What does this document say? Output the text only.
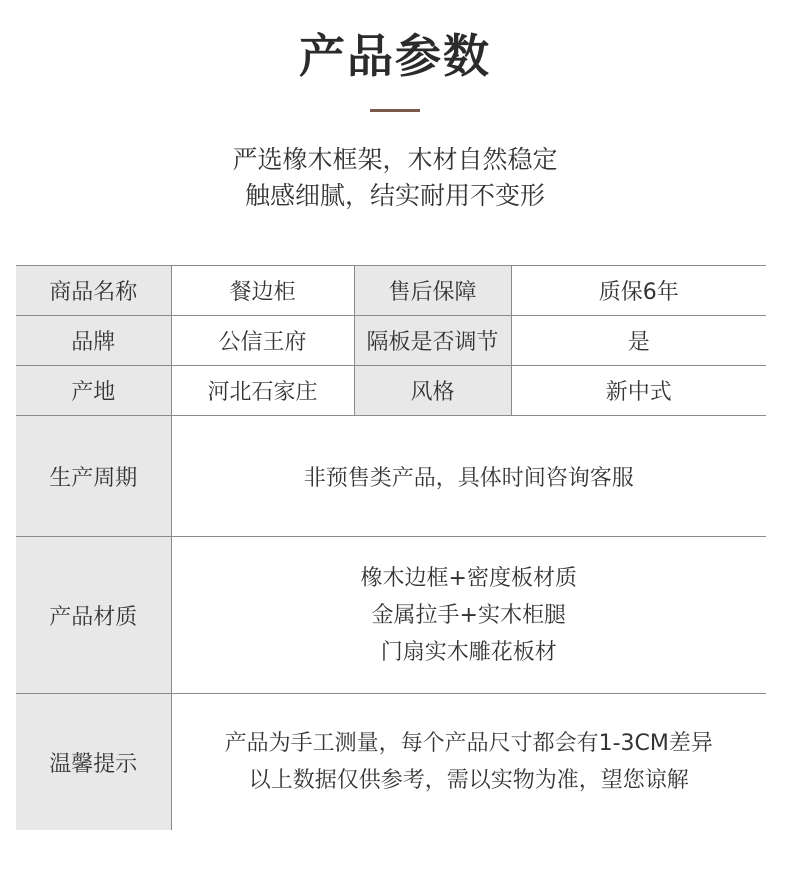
产品参数
严选橡木框架，木材自然稳定
触感细腻，结实耐用不变形
商品名称	餐边柜	售后保障	质保6年
品牌	公信王府	隔板是否调节	是
产地	河北石家庄	风格	新中式
生产周期	非预售类产品，具体时间咨询客服		
产品材质	橡木边框+密度板材质
金属拉手+实木柜腿
门扇实木雕花板材		

温馨提示	产品为手工测量，每个产品尺寸都会有1-3CM差异
以上数据仅供参考，需以实物为准，望您谅解		
